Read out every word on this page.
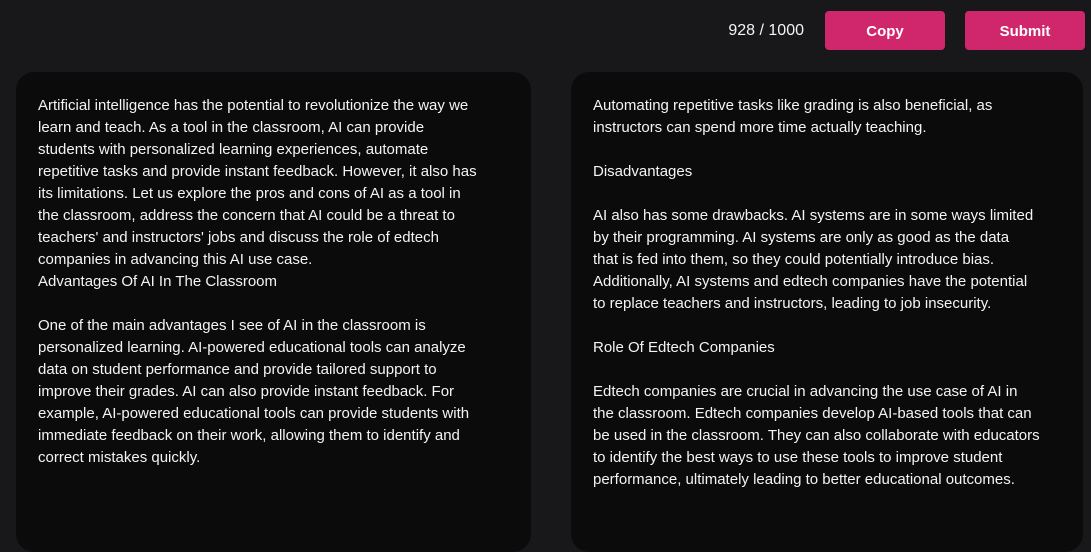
928 / 1000	Copy	Submit

Artificial intelligence has the potential to revolutionize the way we
learn and teach. As a tool in the classroom, AI can provide
students with personalized learning experiences, automate
repetitive tasks and provide instant feedback. However, it also has
its limitations. Let us explore the pros and cons of AI as a tool in
the classroom, address the concern that AI could be a threat to
teachers' and instructors' jobs and discuss the role of edtech
companies in advancing this AI use case.
Advantages Of AI In The Classroom

One of the main advantages I see of AI in the classroom is
personalized learning. AI-powered educational tools can analyze
data on student performance and provide tailored support to
improve their grades. AI can also provide instant feedback. For
example, AI-powered educational tools can provide students with
immediate feedback on their work, allowing them to identify and
correct mistakes quickly.

Automating repetitive tasks like grading is also beneficial, as
instructors can spend more time actually teaching.

Disadvantages

AI also has some drawbacks. AI systems are in some ways limited
by their programming. AI systems are only as good as the data
that is fed into them, so they could potentially introduce bias.
Additionally, AI systems and edtech companies have the potential
to replace teachers and instructors, leading to job insecurity.

Role Of Edtech Companies

Edtech companies are crucial in advancing the use case of AI in
the classroom. Edtech companies develop AI-based tools that can
be used in the classroom. They can also collaborate with educators
to identify the best ways to use these tools to improve student
performance, ultimately leading to better educational outcomes.
